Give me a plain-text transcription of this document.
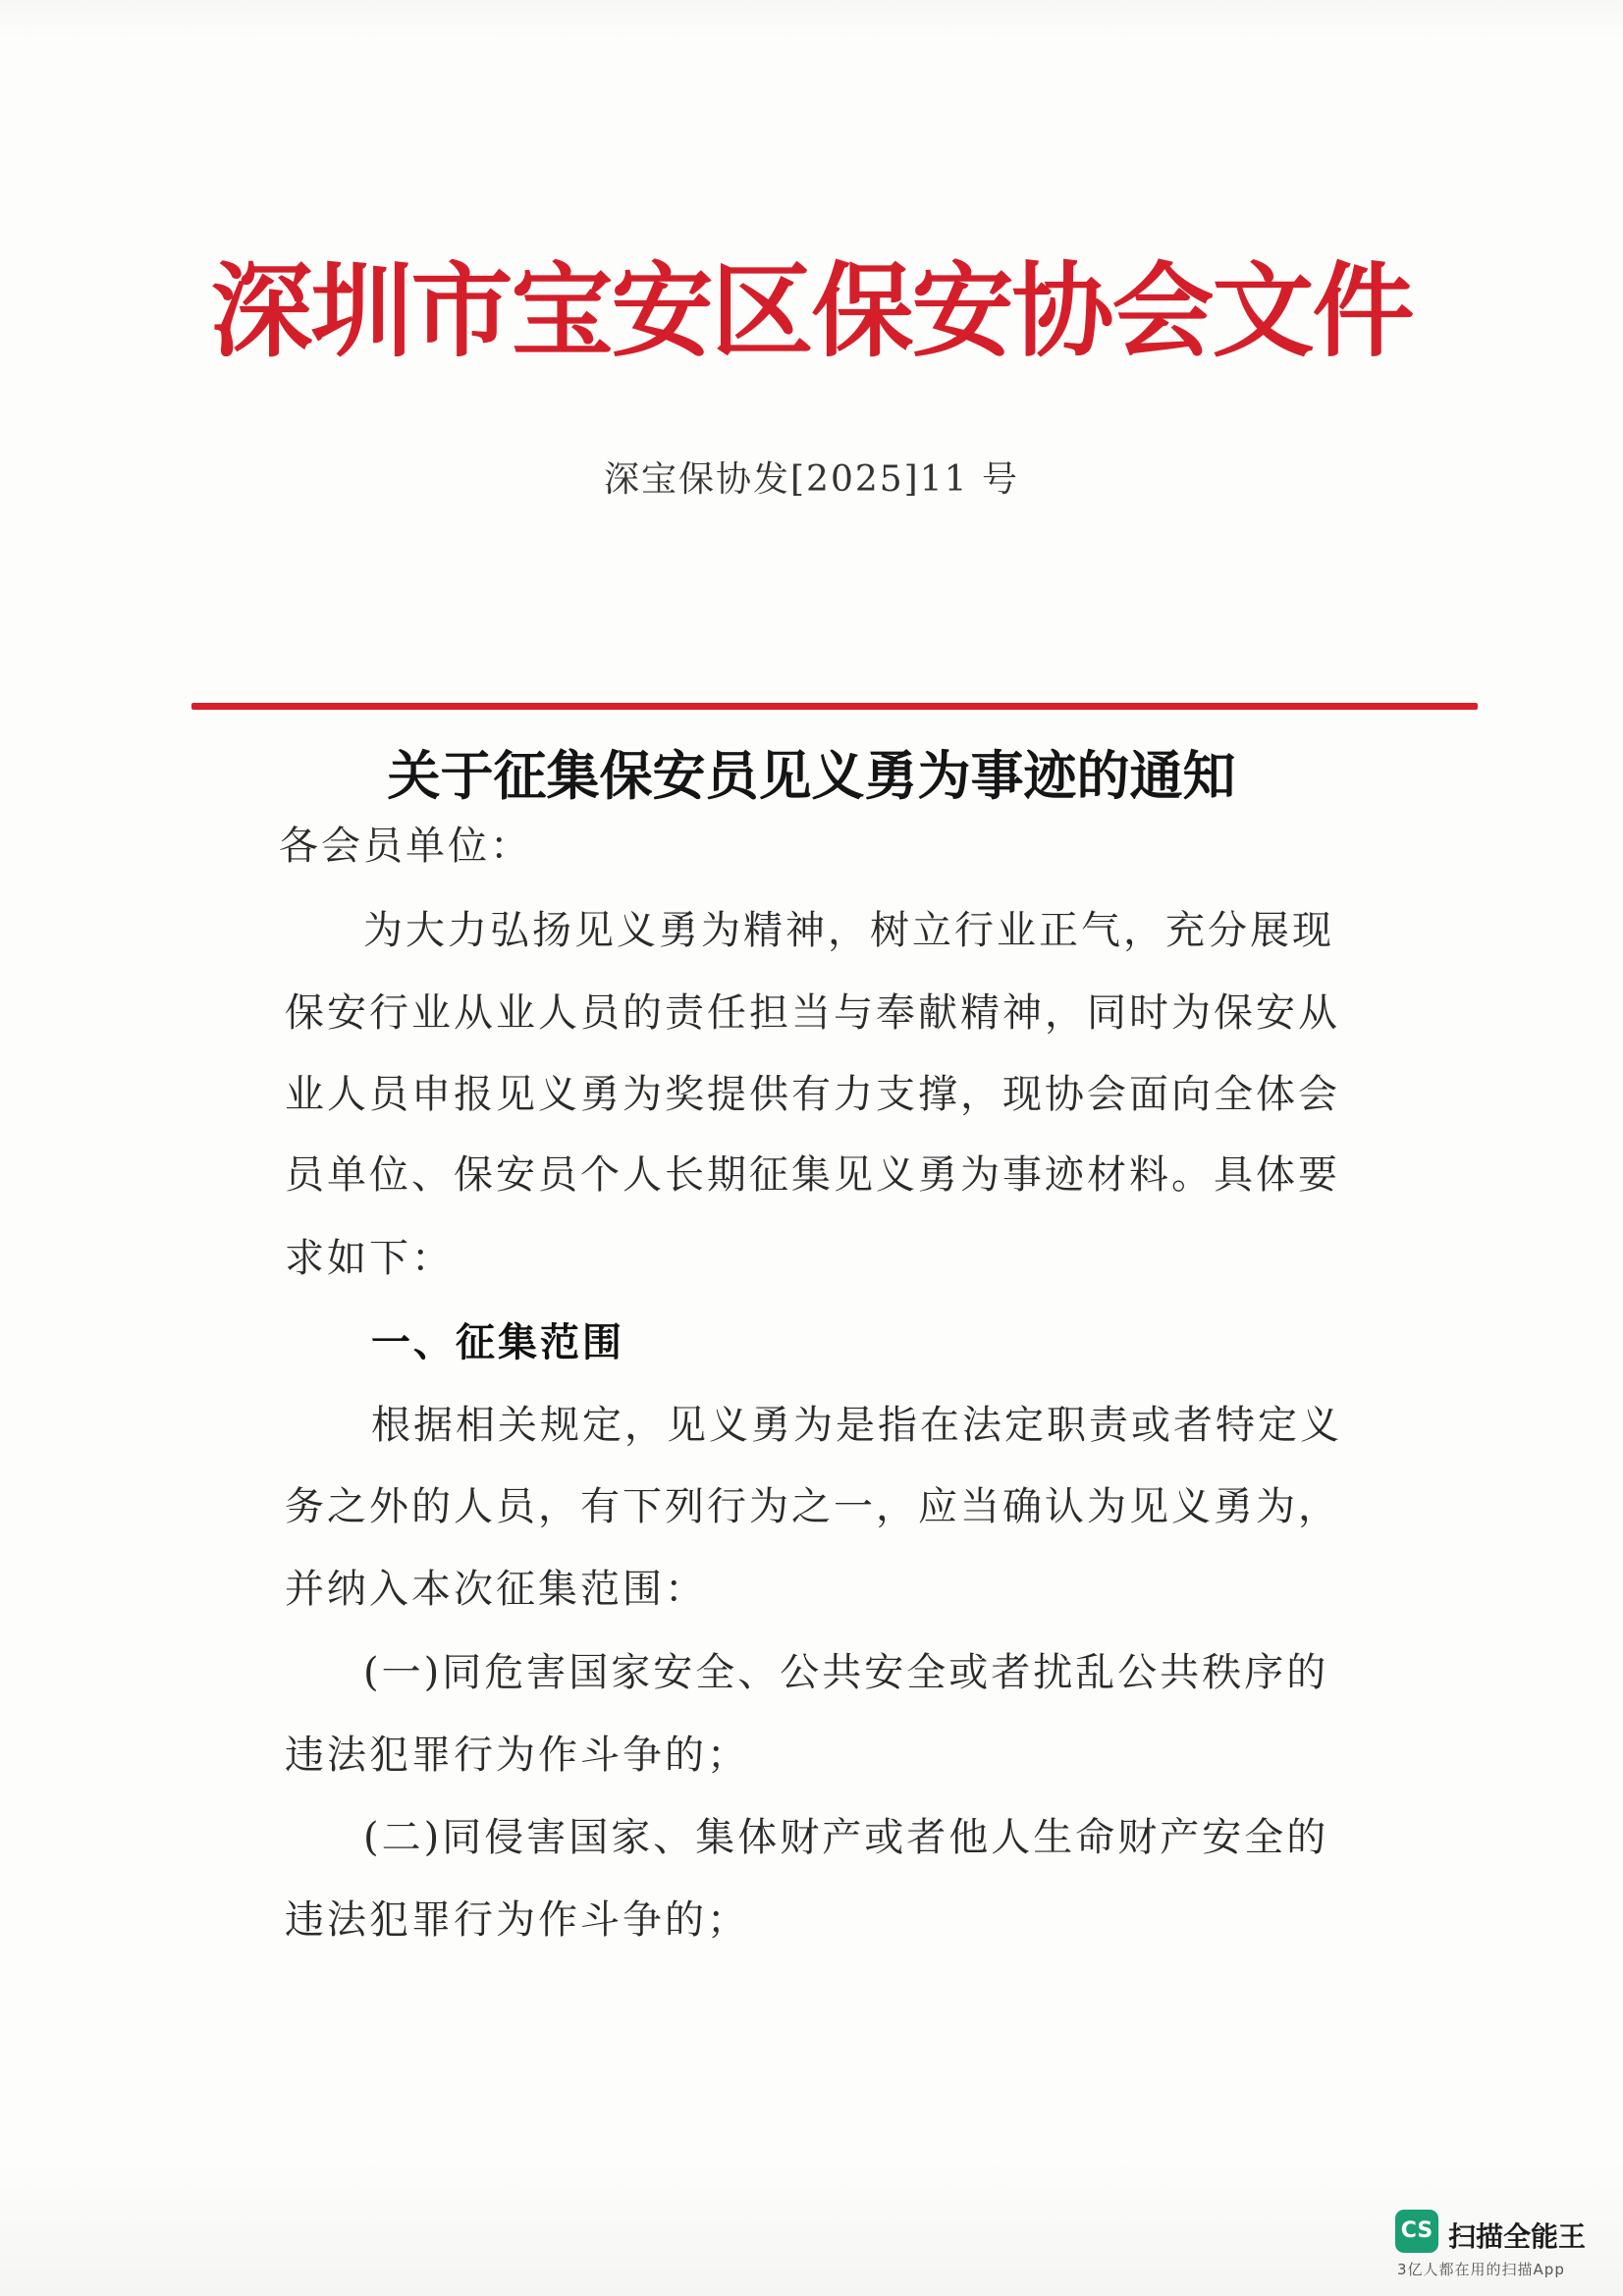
深圳市宝安区保安协会文件
深宝保协发[2025]11 号
关于征集保安员见义勇为事迹的通知
各会员单位：
为大力弘扬见义勇为精神，树立行业正气，充分展现
保安行业从业人员的责任担当与奉献精神，同时为保安从
业人员申报见义勇为奖提供有力支撑，现协会面向全体会
员单位、保安员个人长期征集见义勇为事迹材料。具体要
求如下：
一、征集范围
根据相关规定，见义勇为是指在法定职责或者特定义
务之外的人员，有下列行为之一，应当确认为见义勇为，
并纳入本次征集范围：
(一)同危害国家安全、公共安全或者扰乱公共秩序的
违法犯罪行为作斗争的；
(二)同侵害国家、集体财产或者他人生命财产安全的
违法犯罪行为作斗争的；
CS 扫描全能王
3亿人都在用的扫描App
